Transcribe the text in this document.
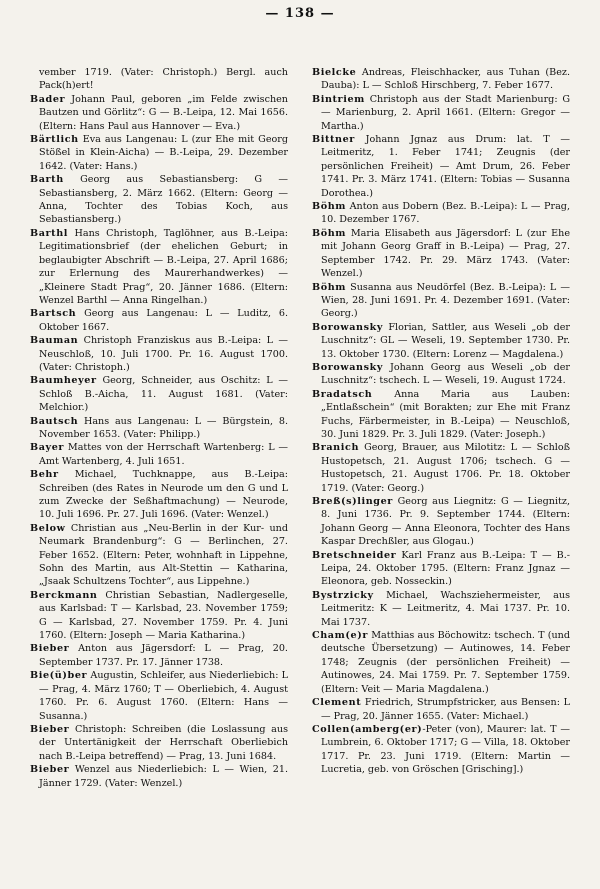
— 138 —

vember 1719. (Vater: Christoph.) Bergl. auch Pack(h)ert!

Bader Johann Paul, geboren „im Felde zwischen Bautzen und Görlitz“: G — B.-Leipa, 12. Mai 1656. (Eltern: Hans Paul aus Hannover — Eva.)

Bärtlich Eva aus Langenau: L (zur Ehe mit Georg Stößel in Klein-Aicha) — B.-Leipa, 29. Dezember 1642. (Vater: Hans.)

Barth Georg aus Sebastiansberg: G — Sebastiansberg, 2. März 1662. (Eltern: Georg — Anna, Tochter des Tobias Koch, aus Sebastiansberg.)

Barthl Hans Christoph, Taglöhner, aus B.-Leipa: Legitimationsbrief (der ehelichen Geburt; in beglaubigter Abschrift — B.-Leipa, 27. April 1686; zur Erlernung des Maurerhandwerkes) — „Kleinere Stadt Prag“, 20. Jänner 1686. (Eltern: Wenzel Barthl — Anna Ringelhan.)

Bartsch Georg aus Langenau: L — Luditz, 6. Oktober 1667.

Bauman Christoph Franziskus aus B.-Leipa: L — Neuschloß, 10. Juli 1700. Pr. 16. August 1700. (Vater: Christoph.)

Baumheyer Georg, Schneider, aus Oschitz: L — Schloß B.-Aicha, 11. August 1681. (Vater: Melchior.)

Bautsch Hans aus Langenau: L — Bürgstein, 8. November 1653. (Vater: Philipp.)

Bayer Mattes von der Herrschaft Wartenberg: L — Amt Wartenberg, 4. Juli 1651.

Behr Michael, Tuchknappe, aus B.-Leipa: Schreiben (des Rates in Neurode um den G und L zum Zwecke der Seßhaftmachung) — Neurode, 10. Juli 1696. Pr. 27. Juli 1696. (Vater: Wenzel.)

Below Christian aus „Neu-Berlin in der Kur- und Neumark Brandenburg“: G — Berlinchen, 27. Feber 1652. (Eltern: Peter, wohnhaft in Lippehne, Sohn des Martin, aus Alt-Stettin — Katharina, „Jsaak Schultzens Tochter“, aus Lippehne.)

Berckmann Christian Sebastian, Nadlergeselle, aus Karlsbad: T — Karlsbad, 23. November 1759; G — Karlsbad, 27. November 1759. Pr. 4. Juni 1760. (Eltern: Joseph — Maria Katharina.)

Bieber Anton aus Jägersdorf: L — Prag, 20. September 1737. Pr. 17. Jänner 1738.

Bie(ü)ber Augustin, Schleifer, aus Niederliebich: L — Prag, 4. März 1760; T — Oberliebich, 4. August 1760. Pr. 6. August 1760. (Eltern: Hans — Susanna.)

Bieber Christoph: Schreiben (die Loslassung aus der Untertänigkeit der Herrschaft Oberliebich nach B.-Leipa betreffend) — Prag, 13. Juni 1684.

Bieber Wenzel aus Niederliebich: L — Wien, 21. Jänner 1729. (Vater: Wenzel.)

Bielcke Andreas, Fleischhacker, aus Tuhan (Bez. Dauba): L — Schloß Hirschberg, 7. Feber 1677.

Bintriem Christoph aus der Stadt Marienburg: G — Marienburg, 2. April 1661. (Eltern: Gregor — Martha.)

Bittner Johann Jgnaz aus Drum: lat. T — Leitmeritz, 1. Feber 1741; Zeugnis (der persönlichen Freiheit) — Amt Drum, 26. Feber 1741. Pr. 3. März 1741. (Eltern: Tobias — Susanna Dorothea.)

Böhm Anton aus Dobern (Bez. B.-Leipa): L — Prag, 10. Dezember 1767.

Böhm Maria Elisabeth aus Jägersdorf: L (zur Ehe mit Johann Georg Graff in B.-Leipa) — Prag, 27. September 1742. Pr. 29. März 1743. (Vater: Wenzel.)

Böhm Susanna aus Neudörfel (Bez. B.-Leipa): L — Wien, 28. Juni 1691. Pr. 4. Dezember 1691. (Vater: Georg.)

Borowansky Florian, Sattler, aus Weseli „ob der Luschnitz“: GL — Weseli, 19. September 1730. Pr. 13. Oktober 1730. (Eltern: Lorenz — Magdalena.)

Borowansky Johann Georg aus Weseli „ob der Luschnitz“: tschech. L — Weseli, 19. August 1724.

Bradatsch Anna Maria aus Lauben: „Entlaßschein“ (mit Borakten; zur Ehe mit Franz Fuchs, Färbermeister, in B.-Leipa) — Neuschloß, 30. Juni 1829. Pr. 3. Juli 1829. (Vater: Joseph.)

Branich Georg, Brauer, aus Milotitz: L — Schloß Hustopetsch, 21. August 1706; tschech. G — Hustopetsch, 21. August 1706. Pr. 18. Oktober 1719. (Vater: Georg.)

Breß(s)linger Georg aus Liegnitz: G — Liegnitz, 8. Juni 1736. Pr. 9. September 1744. (Eltern: Johann Georg — Anna Eleonora, Tochter des Hans Kaspar Drechßler, aus Glogau.)

Bretschneider Karl Franz aus B.-Leipa: T — B.-Leipa, 24. Oktober 1795. (Eltern: Franz Jgnaz — Eleonora, geb. Nosseckin.)

Bystrzicky Michael, Wachsziehermeister, aus Leitmeritz: K — Leitmeritz, 4. Mai 1737. Pr. 10. Mai 1737.

Cham(e)r Matthias aus Böchowitz: tschech. T (und deutsche Übersetzung) — Autinowes, 14. Feber 1748; Zeugnis (der persönlichen Freiheit) — Autinowes, 24. Mai 1759. Pr. 7. September 1759. (Eltern: Veit — Maria Magdalena.)

Clement Friedrich, Strumpfstricker, aus Bensen: L — Prag, 20. Jänner 1655. (Vater: Michael.)

Collen(amberg(er)-Peter (von), Maurer: lat. T — Lumbrein, 6. Oktober 1717; G — Villa, 18. Oktober 1717. Pr. 23. Juni 1719. (Eltern: Martin — Lucretia, geb. von Gröschen [Grisching].)
